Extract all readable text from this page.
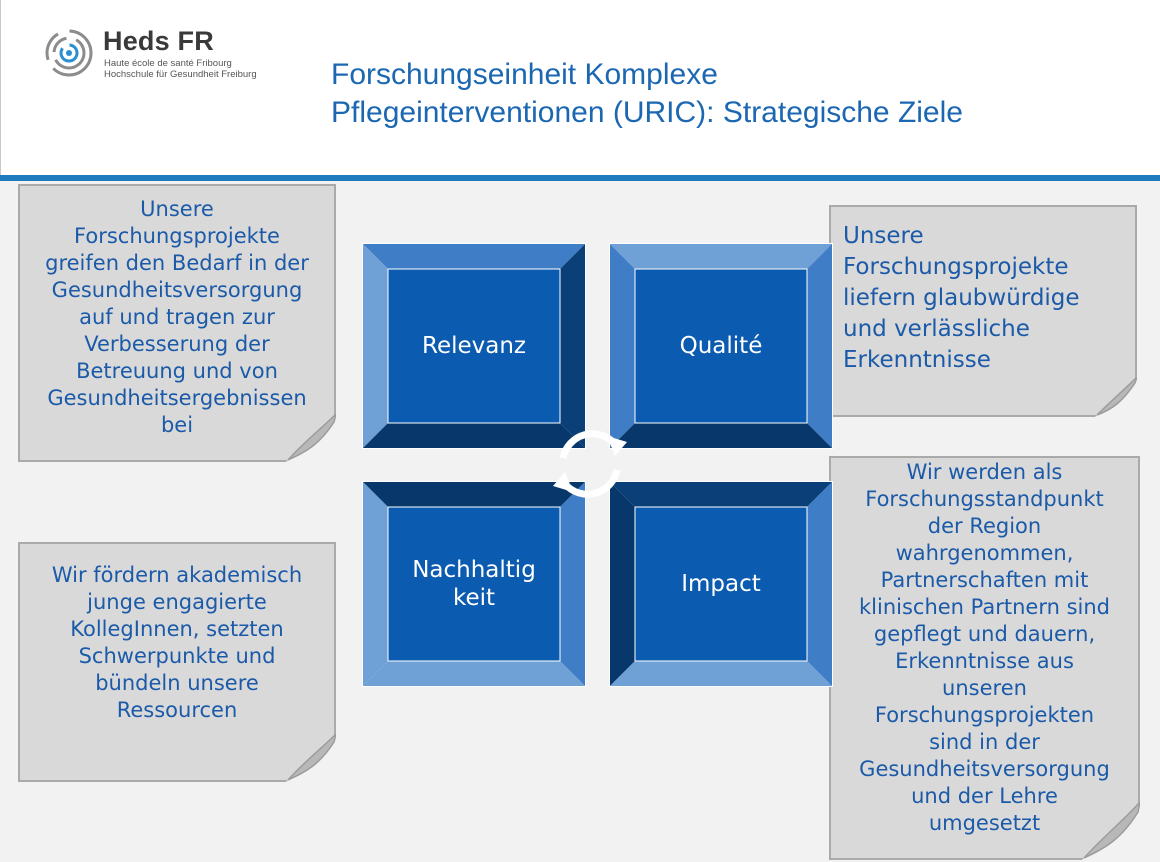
Heds FR
Haute école de santé Fribourg
Hochschule für Gesundheit Freiburg Forschungseinheit Komplexe
Pflegeinterventionen (URIC): Strategische Ziele
Unsere
Forschungsprojekte
greifen den Bedarf in der
Gesundheitsversorgung
auf und tragen zur
Verbesserung der
Betreuung und von
Gesundheitsergebnissen
bei
Wir fördern akademisch
junge engagierte
KollegInnen, setzten
Schwerpunkte und
bündeln unsere
Ressourcen
Unsere
Forschungsprojekte
liefern glaubwürdige
und verlässliche
Erkenntnisse
Wir werden als
Forschungsstandpunkt
der Region
wahrgenommen,
Partnerschaften mit
klinischen Partnern sind
gepflegt und dauern,
Erkenntnisse aus
unseren
Forschungsprojekten
sind in der
Gesundheitsversorgung
und der Lehre
umgesetzt
Relevanz	Qualité
Nachhaltig
keit
Impact
